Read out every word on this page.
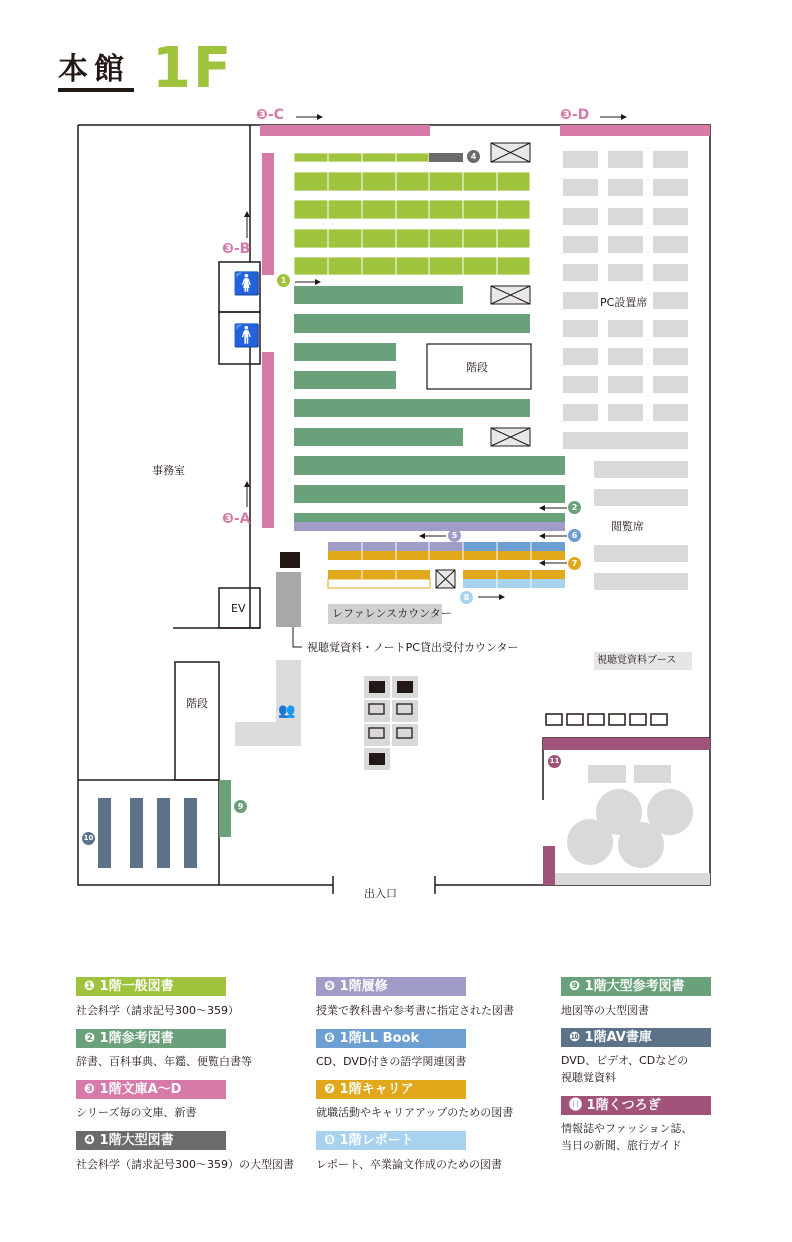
本館 1F
❸-C	❸-D
❸-B
❸-A
事務室
EV
階段
階段
PC設置席
閲覧席
レファレンスカウンター
視聴覚資料・ノートPC貸出受付カウンター
視聴覚資料ブース
出入口
🚺
🚹
👥
1
4
2
5	6
7
8
9
10
11
❶ 1階一般図書
社会科学（請求記号300～359）
❷ 1階参考図書
辞書、百科事典、年鑑、便覧白書等
❸ 1階文庫A～D
シリーズ毎の文庫、新書
❹ 1階大型図書
社会科学（請求記号300～359）の大型図書
❺ 1階履修
授業で教科書や参考書に指定された図書
❻ 1階LL Book
CD、DVD付きの語学関連図書
❼ 1階キャリア
就職活動やキャリアアップのための図書
❽ 1階レポート
レポート、卒業論文作成のための図書
❾ 1階大型参考図書
地図等の大型図書
❿ 1階AV書庫
DVD、ビデオ、CDなどの
視聴覚資料
⓫ 1階くつろぎ
情報誌やファッション誌、
当日の新聞、旅行ガイド
